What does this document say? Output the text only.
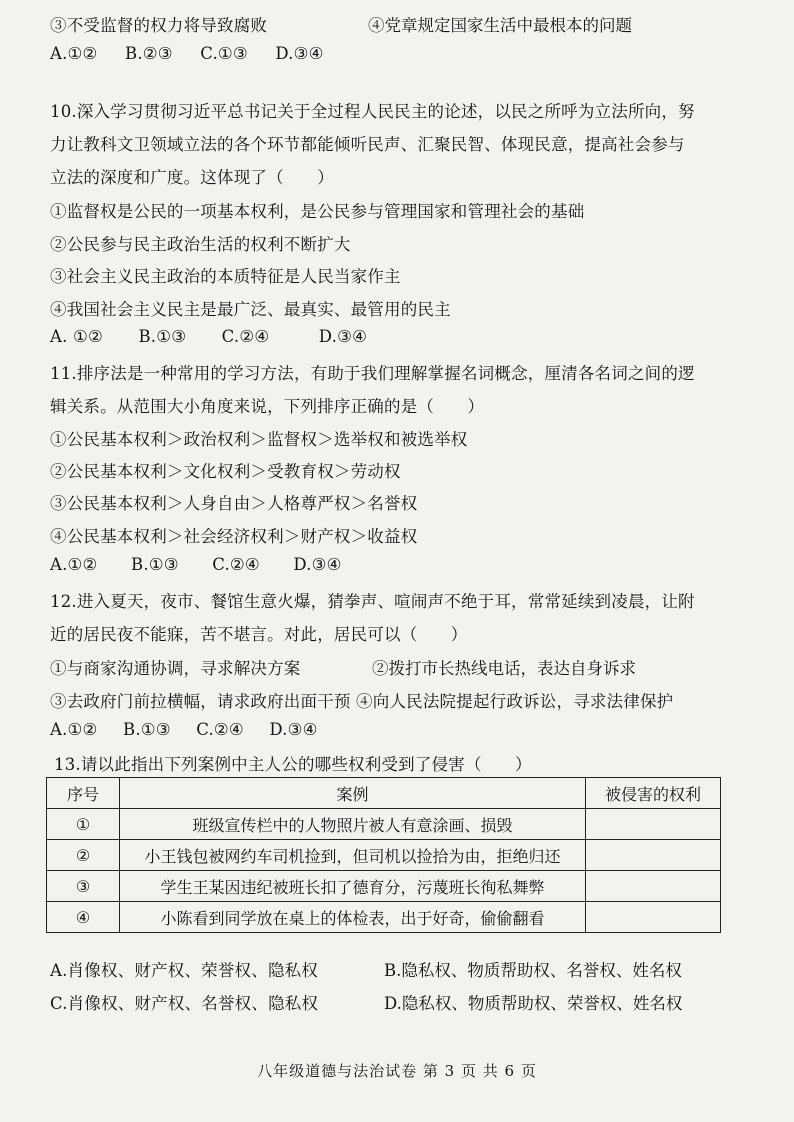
③不受监督的权力将导致腐败	④党章规定国家生活中最根本的问题
A.①② B.②③ C.①③ D.③④
10.深入学习贯彻习近平总书记关于全过程人民民主的论述，以民之所呼为立法所向，努
力让教科文卫领域立法的各个环节都能倾听民声、汇聚民智、体现民意，提高社会参与
立法的深度和广度。这体现了（　　）
①监督权是公民的一项基本权利，是公民参与管理国家和管理社会的基础
②公民参与民主政治生活的权利不断扩大
③社会主义民主政治的本质特征是人民当家作主
④我国社会主义民主是最广泛、最真实、最管用的民主
A. ①② B.①③ C.②④	D.③④
11.排序法是一种常用的学习方法，有助于我们理解掌握名词概念，厘清各名词之间的逻
辑关系。从范围大小角度来说，下列排序正确的是（　　）
①公民基本权利＞政治权利＞监督权＞选举权和被选举权
②公民基本权利＞文化权利＞受教育权＞劳动权
③公民基本权利＞人身自由＞人格尊严权＞名誉权
④公民基本权利＞社会经济权利＞财产权＞收益权
A.①② B.①③ C.②④ D.③④
12.进入夏天，夜市、餐馆生意火爆，猜拳声、喧闹声不绝于耳，常常延续到凌晨，让附
近的居民夜不能寐，苦不堪言。对此，居民可以（　　）
①与商家沟通协调，寻求解决方案	②拨打市长热线电话，表达自身诉求
③去政府门前拉横幅，请求政府出面干预 ④向人民法院提起行政诉讼，寻求法律保护
A.①② B.①③ C.②④ D.③④
13.请以此指出下列案例中主人公的哪些权利受到了侵害（　　）
序号	案例	被侵害的权利
①	班级宣传栏中的人物照片被人有意涂画、损毁	
②	小王钱包被网约车司机捡到，但司机以捡拾为由，拒绝归还	
③	学生王某因违纪被班长扣了德育分，污蔑班长徇私舞弊	
④	小陈看到同学放在桌上的体检表，出于好奇，偷偷翻看	
A.肖像权、财产权、荣誉权、隐私权	B.隐私权、物质帮助权、名誉权、姓名权
C.肖像权、财产权、名誉权、隐私权	D.隐私权、物质帮助权、荣誉权、姓名权
八年级道德与法治试卷 第 3 页 共 6 页
